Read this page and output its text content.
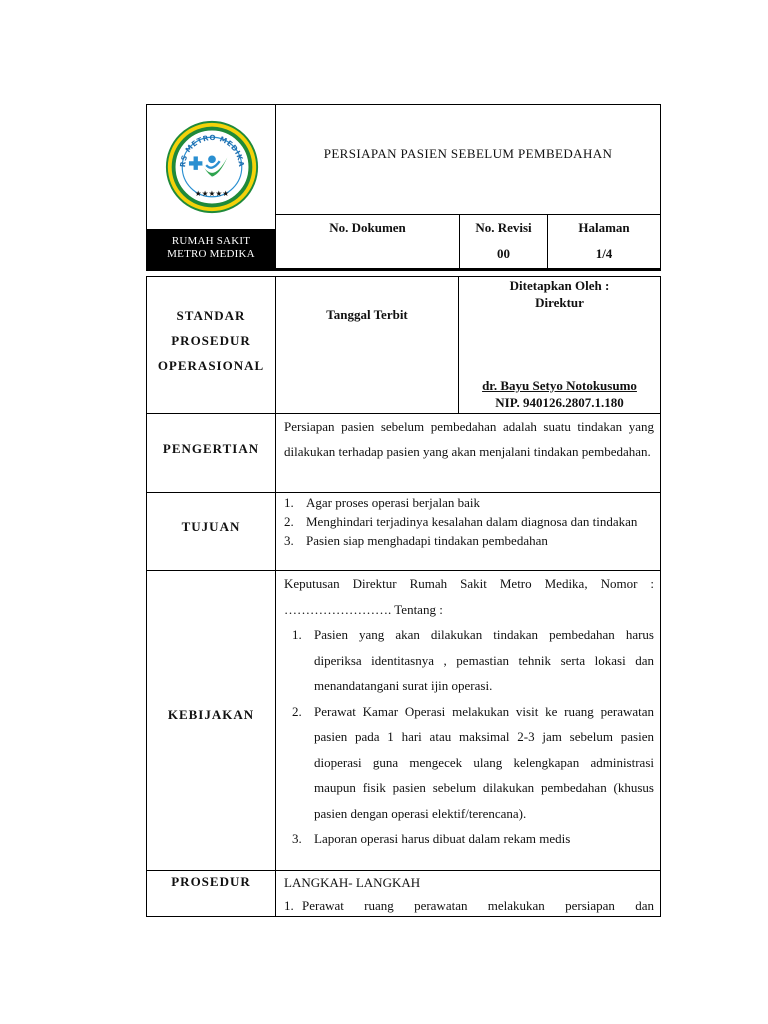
RS METRO MEDIKA
★★★★★
RUMAH SAKIT
METRO MEDIKA
PERSIAPAN PASIEN SEBELUM PEMBEDAHAN
No. Dokumen	No. Revisi
00
Halaman
1/4
STANDAR
PROSEDUR
OPERASIONAL
Tanggal Terbit
Ditetapkan Oleh :
Direktur
dr. Bayu Setyo Notokusumo
NIP. 940126.2807.1.180
PENGERTIAN
Persiapan pasien sebelum pembedahan adalah suatu tindakan yang dilakukan terhadap pasien yang akan menjalani tindakan pembedahan.
TUJUAN
1. Agar proses operasi berjalan baik
2. Menghindari terjadinya kesalahan dalam diagnosa dan tindakan
3. Pasien siap menghadapi tindakan pembedahan
KEBIJAKAN
Keputusan Direktur Rumah Sakit Metro Medika, Nomor :
……………………. Tentang :
1. Pasien yang akan dilakukan tindakan pembedahan harus diperiksa identitasnya , pemastian tehnik serta lokasi dan menandatangani surat ijin operasi.
2. Perawat Kamar Operasi melakukan visit ke ruang perawatan pasien pada 1 hari atau maksimal 2-3 jam sebelum pasien dioperasi guna mengecek ulang kelengkapan administrasi maupun fisik pasien sebelum dilakukan pembedahan (khusus pasien dengan operasi elektif/terencana).
3. Laporan operasi harus dibuat dalam rekam medis
PROSEDUR	LANGKAH- LANGKAH
1. Perawat ruang perawatan melakukan persiapan dan
